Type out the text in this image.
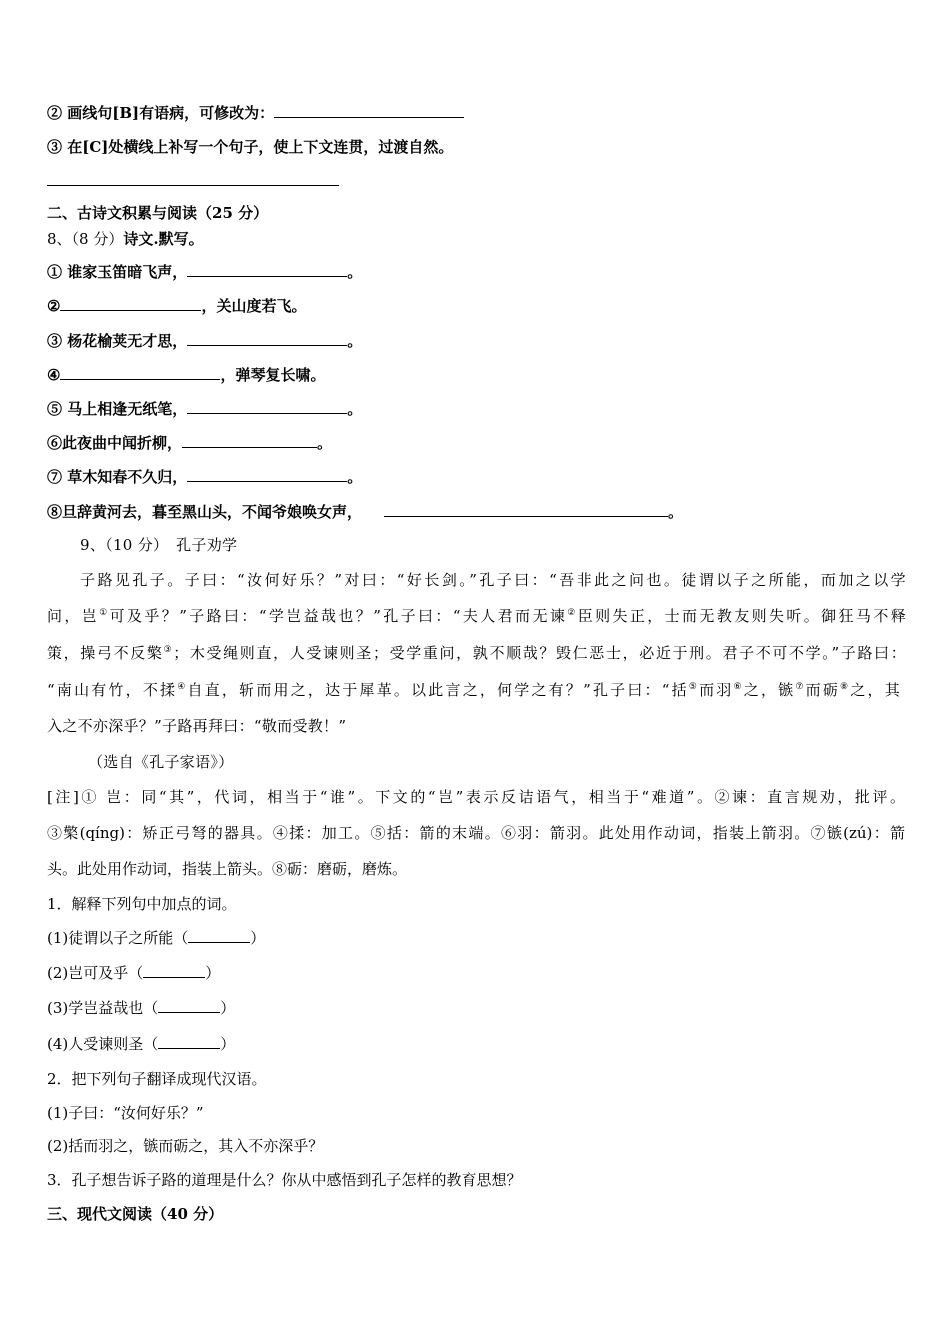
② 画线句[B]有语病，可修改为：
③ 在[C]处横线上补写一个句子，使上下文连贯，过渡自然。
二、古诗文积累与阅读（25 分）
8、（8 分）诗文.默写。
① 谁家玉笛暗飞声，	。
②	，关山度若飞。
③ 杨花榆荚无才思，	。
④	，弹琴复长啸。
⑤ 马上相逢无纸笔，	。
⑥此夜曲中闻折柳，	。
⑦ 草木知春不久归，	。
⑧旦辞黄河去，暮至黑山头，不闻爷娘唤女声，	。
9、（10 分）　孔子劝学
子路见孔子。子曰：“汝何好乐？”对曰：“好长剑。”孔子曰：“吾非此之问也。徒谓以子之所能，而加之以学
问，岂①可及乎？”子路曰：“学岂益哉也？”孔子曰：“夫人君而无谏②臣则失正，士而无教友则失听。御狂马不释
策，操弓不反檠③；木受绳则直，人受谏则圣；受学重问，孰不顺哉？毁仁恶士，必近于刑。君子不可不学。”子路曰：
“南山有竹，不揉④自直，斩而用之，达于犀革。以此言之，何学之有？”孔子曰：“括⑤而羽⑥之，镞⑦而砺⑧之，其
入之不亦深乎？”子路再拜曰：“敬而受教！”
（选自《孔子家语》）
[注]① 岂：同“其”，代词，相当于“谁”。下文的“岂”表示反诘语气，相当于“难道”。②谏：直言规劝，批评。
③檠(qíng)：矫正弓弩的器具。④揉：加工。⑤括：箭的末端。⑥羽：箭羽。此处用作动词，指装上箭羽。⑦镞(zú)：箭
头。此处用作动词，指装上箭头。⑧砺：磨砺，磨炼。
1．解释下列句中加点的词。
(1)徒谓以子之所能（	）
(2)岂可及乎（	）
(3)学岂益哉也（	）
(4)人受谏则圣（	）
2．把下列句子翻译成现代汉语。
(1)子曰：“汝何好乐？”
(2)括而羽之，镞而砺之，其入不亦深乎？
3．孔子想告诉子路的道理是什么？你从中感悟到孔子怎样的教育思想？
三、现代文阅读（40 分）
